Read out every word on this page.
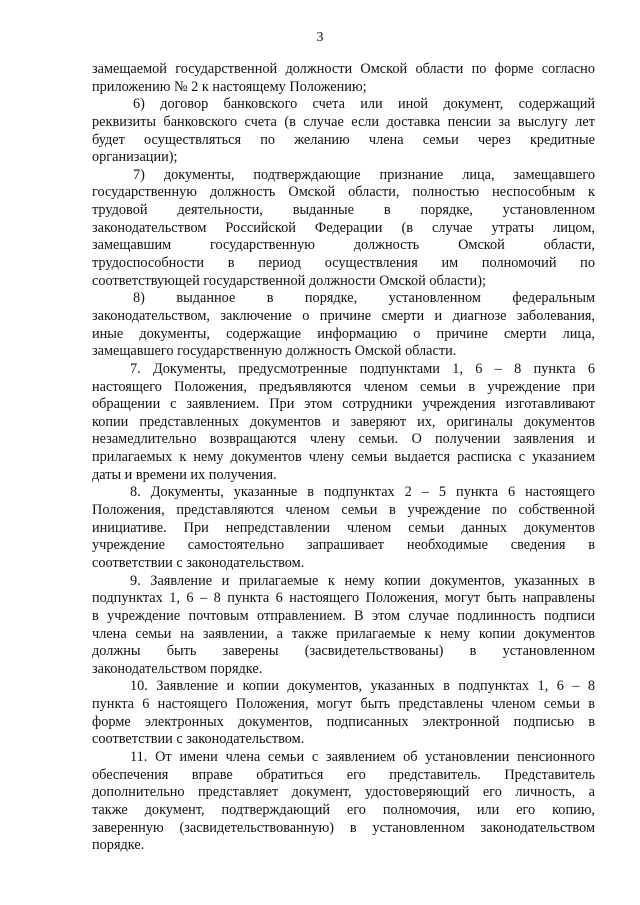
3
замещаемой государственной должности Омской области по форме согласно
приложению № 2 к настоящему Положению;
6) договор банковского счета или иной документ, содержащий
реквизиты банковского счета (в случае если доставка пенсии за выслугу лет
будет осуществляться по желанию члена семьи через кредитные
организации);
7) документы, подтверждающие признание лица, замещавшего
государственную должность Омской области, полностью неспособным к
трудовой деятельности, выданные в порядке, установленном
законодательством Российской Федерации (в случае утраты лицом,
замещавшим государственную должность Омской области,
трудоспособности в период осуществления им полномочий по
соответствующей государственной должности Омской области);
8) выданное в порядке, установленном федеральным
законодательством, заключение о причине смерти и диагнозе заболевания,
иные документы, содержащие информацию о причине смерти лица,
замещавшего государственную должность Омской области.
7. Документы, предусмотренные подпунктами 1, 6 – 8 пункта 6
настоящего Положения, предъявляются членом семьи в учреждение при
обращении с заявлением. При этом сотрудники учреждения изготавливают
копии представленных документов и заверяют их, оригиналы документов
незамедлительно возвращаются члену семьи. О получении заявления и
прилагаемых к нему документов члену семьи выдается расписка с указанием
даты и времени их получения.
8. Документы, указанные в подпунктах 2 – 5 пункта 6 настоящего
Положения, представляются членом семьи в учреждение по собственной
инициативе. При непредставлении членом семьи данных документов
учреждение самостоятельно запрашивает необходимые сведения в
соответствии с законодательством.
9. Заявление и прилагаемые к нему копии документов, указанных в
подпунктах 1, 6 – 8 пункта 6 настоящего Положения, могут быть направлены
в учреждение почтовым отправлением. В этом случае подлинность подписи
члена семьи на заявлении, а также прилагаемые к нему копии документов
должны быть заверены (засвидетельствованы) в установленном
законодательством порядке.
10. Заявление и копии документов, указанных в подпунктах 1, 6 – 8
пункта 6 настоящего Положения, могут быть представлены членом семьи в
форме электронных документов, подписанных электронной подписью в
соответствии с законодательством.
11. От имени члена семьи с заявлением об установлении пенсионного
обеспечения вправе обратиться его представитель. Представитель
дополнительно представляет документ, удостоверяющий его личность, а
также документ, подтверждающий его полномочия, или его копию,
заверенную (засвидетельствованную) в установленном законодательством
порядке.
